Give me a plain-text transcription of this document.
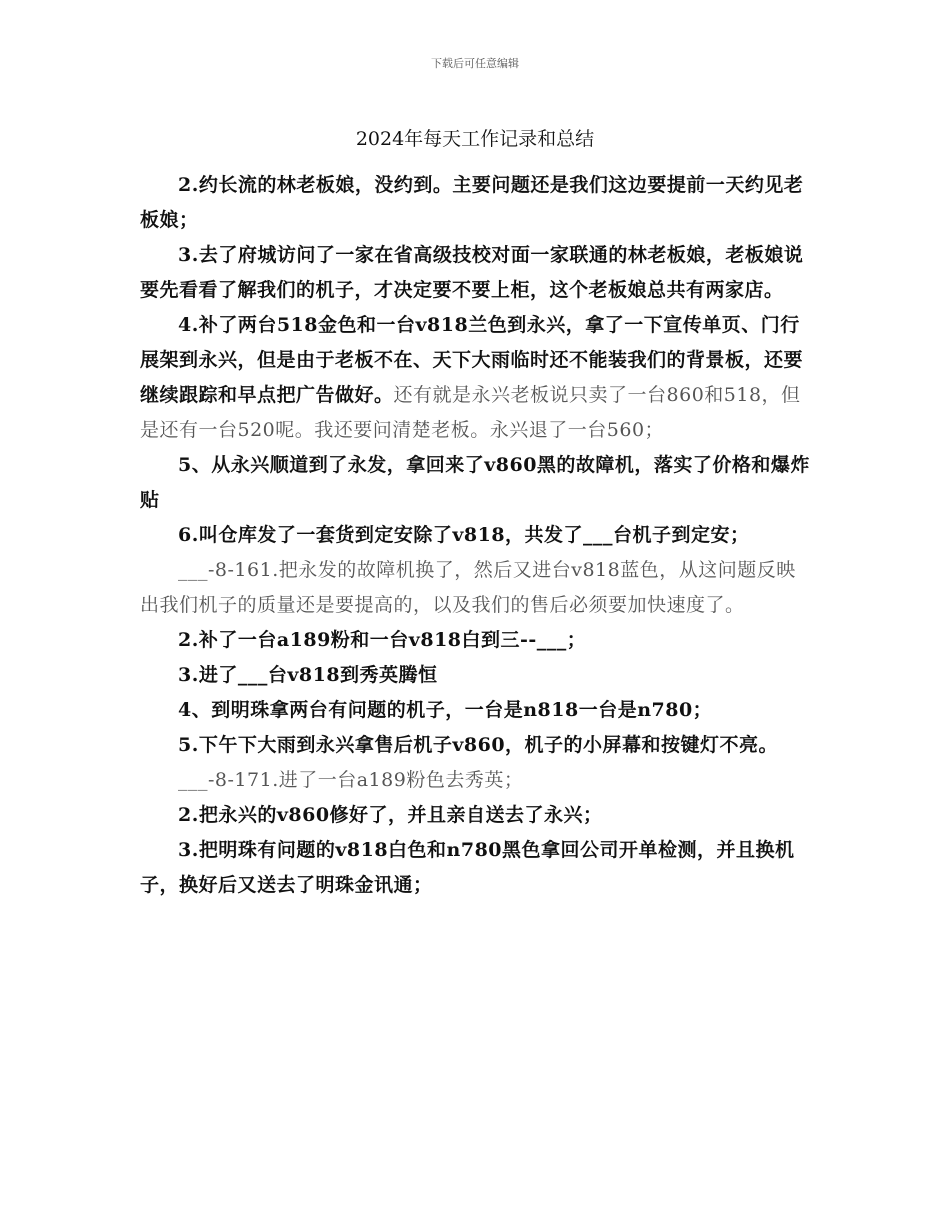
下载后可任意编辑
2024年每天工作记录和总结

2.约长流的林老板娘，没约到。主要问题还是我们这边要提前一天约见老板娘；

3.去了府城访问了一家在省高级技校对面一家联通的林老板娘，老板娘说要先看看了解我们的机子，才决定要不要上柜，这个老板娘总共有两家店。

4.补了两台518金色和一台v818兰色到永兴，拿了一下宣传单页、门行展架到永兴，但是由于老板不在、天下大雨临时还不能装我们的背景板，还要继续跟踪和早点把广告做好。还有就是永兴老板说只卖了一台860和518，但是还有一台520呢。我还要问清楚老板。永兴退了一台560；

5、从永兴顺道到了永发，拿回来了v860黑的故障机，落实了价格和爆炸贴

6.叫仓库发了一套货到定安除了v818，共发了___台机子到定安；

___-8-161.把永发的故障机换了，然后又进台v818蓝色，从这问题反映出我们机子的质量还是要提高的，以及我们的售后必须要加快速度了。

2.补了一台a189粉和一台v818白到三--___；

3.进了___台v818到秀英腾恒

4、到明珠拿两台有问题的机子，一台是n818一台是n780；

5.下午下大雨到永兴拿售后机子v860，机子的小屏幕和按键灯不亮。

___-8-171.进了一台a189粉色去秀英；

2.把永兴的v860修好了，并且亲自送去了永兴；

3.把明珠有问题的v818白色和n780黑色拿回公司开单检测，并且换机子，换好后又送去了明珠金讯通；
